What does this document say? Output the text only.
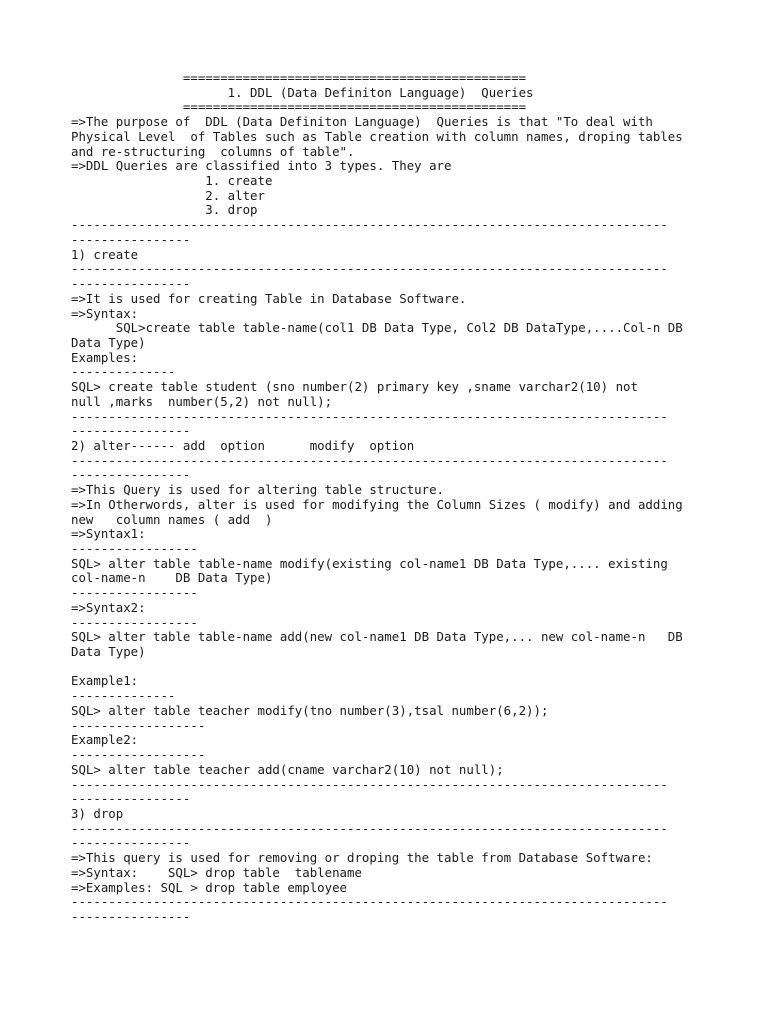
==============================================
1. DDL (Data Definiton Language)  Queries
==============================================
=>The purpose of  DDL (Data Definiton Language)  Queries is that "To deal with
Physical Level  of Tables such as Table creation with column names, droping tables
and re-structuring  columns of table".
=>DDL Queries are classified into 3 types. They are
1. create
2. alter
3. drop
--------------------------------------------------------------------------------
----------------
1) create
--------------------------------------------------------------------------------
----------------
=>It is used for creating Table in Database Software.
=>Syntax:
SQL>create table table-name(col1 DB Data Type, Col2 DB DataType,....Col-n DB
Data Type)
Examples:
--------------
SQL> create table student (sno number(2) primary key ,sname varchar2(10) not
null ,marks  number(5,2) not null);
--------------------------------------------------------------------------------
----------------
2) alter------ add  option      modify  option
--------------------------------------------------------------------------------
----------------
=>This Query is used for altering table structure.
=>In Otherwords, alter is used for modifying the Column Sizes ( modify) and adding
new   column names ( add  )
=>Syntax1:
-----------------
SQL> alter table table-name modify(existing col-name1 DB Data Type,.... existing
col-name-n    DB Data Type)
-----------------
=>Syntax2:
-----------------
SQL> alter table table-name add(new col-name1 DB Data Type,... new col-name-n   DB
Data Type)
Example1:
--------------
SQL> alter table teacher modify(tno number(3),tsal number(6,2));
------------------
Example2:
------------------
SQL> alter table teacher add(cname varchar2(10) not null);
--------------------------------------------------------------------------------
----------------
3) drop
--------------------------------------------------------------------------------
----------------
=>This query is used for removing or droping the table from Database Software:
=>Syntax:    SQL> drop table  tablename
=>Examples: SQL > drop table employee
--------------------------------------------------------------------------------
----------------
